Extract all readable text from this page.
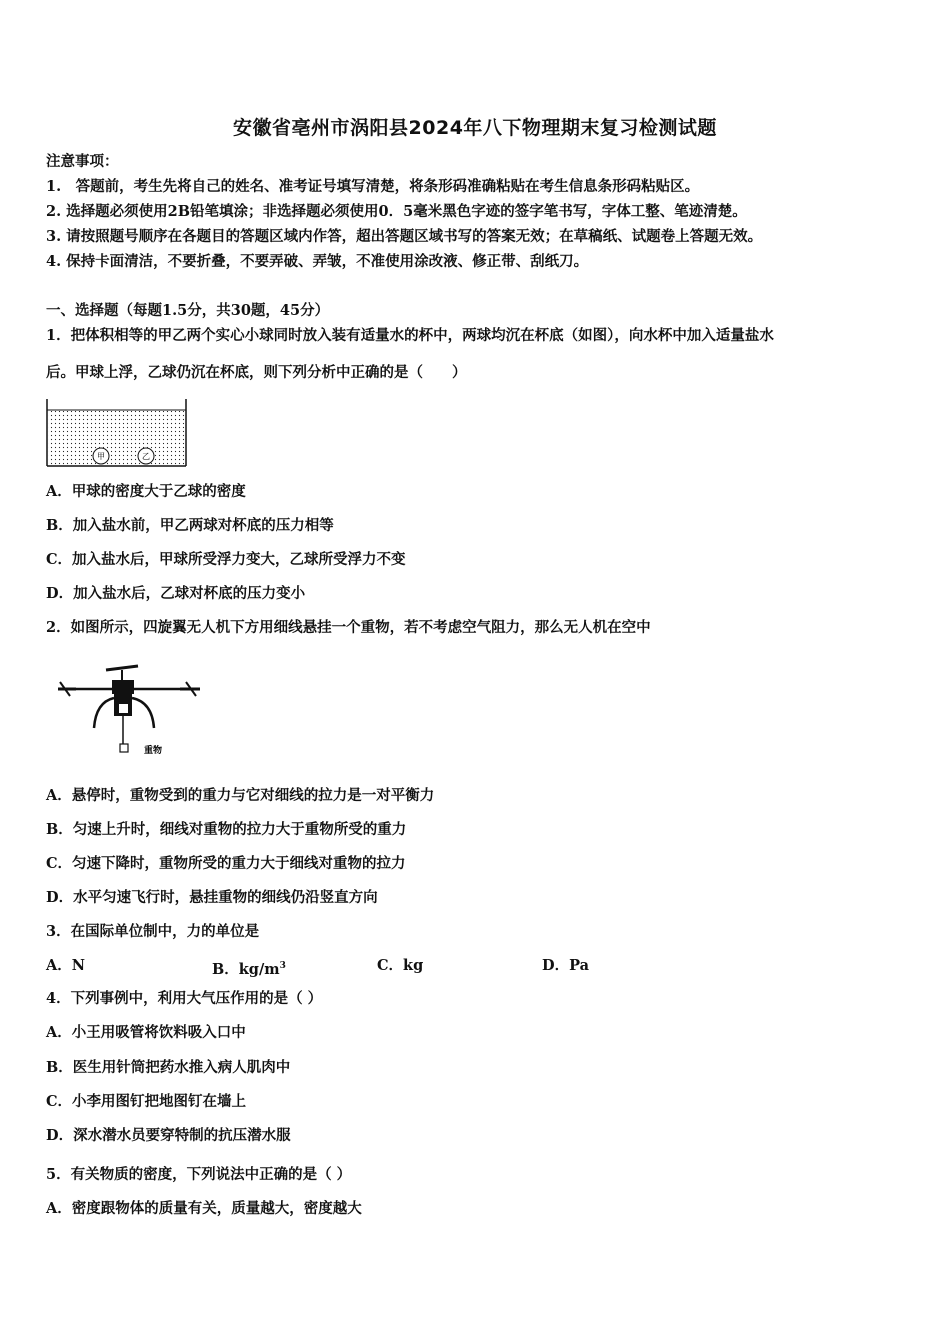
安徽省亳州市涡阳县2024年八下物理期末复习检测试题
注意事项：
1.　答题前，考生先将自己的姓名、准考证号填写清楚，将条形码准确粘贴在考生信息条形码粘贴区。
2. 选择题必须使用2B铅笔填涂；非选择题必须使用0．5毫米黑色字迹的签字笔书写，字体工整、笔迹清楚。
3. 请按照题号顺序在各题目的答题区域内作答，超出答题区域书写的答案无效；在草稿纸、试题卷上答题无效。
4. 保持卡面清洁，不要折叠，不要弄破、弄皱，不准使用涂改液、修正带、刮纸刀。
一、选择题（每题1.5分，共30题，45分）
1．把体积相等的甲乙两个实心小球同时放入装有适量水的杯中，两球均沉在杯底（如图），向水杯中加入适量盐水
后。甲球上浮，乙球仍沉在杯底，则下列分析中正确的是（　　）
甲	乙
A．甲球的密度大于乙球的密度
B．加入盐水前，甲乙两球对杯底的压力相等
C．加入盐水后，甲球所受浮力变大，乙球所受浮力不变
D．加入盐水后，乙球对杯底的压力变小
2．如图所示，四旋翼无人机下方用细线悬挂一个重物，若不考虑空气阻力，那么无人机在空中
重物
A．悬停时，重物受到的重力与它对细线的拉力是一对平衡力
B．匀速上升时，细线对重物的拉力大于重物所受的重力
C．匀速下降时，重物所受的重力大于细线对重物的拉力
D．水平匀速飞行时，悬挂重物的细线仍沿竖直方向
3．在国际单位制中，力的单位是
A．N	B．$kg/m^3$	C．kg	D．Pa
4．下列事例中，利用大气压作用的是（ ）
A．小王用吸管将饮料吸入口中
B．医生用针筒把药水推入病人肌肉中
C．小李用图钉把地图钉在墙上
D．深水潜水员要穿特制的抗压潜水服
5．有关物质的密度，下列说法中正确的是（ ）
A．密度跟物体的质量有关，质量越大，密度越大
